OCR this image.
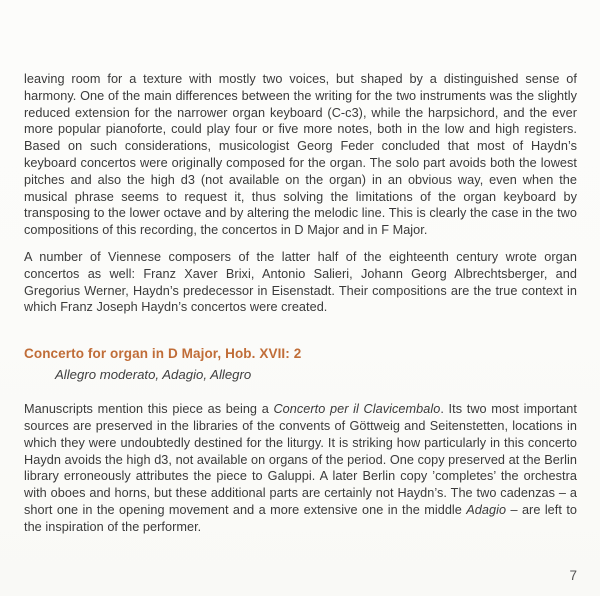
leaving room for a texture with mostly two voices, but shaped by a distinguished sense of harmony. One of the main differences between the writing for the two instruments was the slightly reduced extension for the narrower organ keyboard (C-c3), while the harpsichord, and the ever more popular pianoforte, could play four or five more notes, both in the low and high registers. Based on such considerations, musicologist Georg Feder concluded that most of Haydn’s keyboard concertos were originally composed for the organ. The solo part avoids both the lowest pitches and also the high d3 (not available on the organ) in an obvious way, even when the musical phrase seems to request it, thus solving the limitations of the organ keyboard by transposing to the lower octave and by altering the melodic line. This is clearly the case in the two compositions of this recording, the concertos in D Major and in F Major.

A number of Viennese composers of the latter half of the eighteenth century wrote organ concertos as well: Franz Xaver Brixi, Antonio Salieri, Johann Georg Albrechtsberger, and Gregorius Werner, Haydn’s predecessor in Eisenstadt. Their compositions are the true context in which Franz Joseph Haydn’s concertos were created.

Concerto for organ in D Major, Hob. XVII: 2
Allegro moderato, Adagio, Allegro

Manuscripts mention this piece as being a Concerto per il Clavicembalo. Its two most important sources are preserved in the libraries of the convents of Göttweig and Seitenstetten, locations in which they were undoubtedly destined for the liturgy. It is striking how particularly in this concerto Haydn avoids the high d3, not available on organs of the period. One copy preserved at the Berlin library erroneously attributes the piece to Galuppi. A later Berlin copy ’completes’ the orchestra with oboes and horns, but these additional parts are certainly not Haydn’s. The two cadenzas – a short one in the opening movement and a more extensive one in the middle Adagio – are left to the inspiration of the performer.

7
